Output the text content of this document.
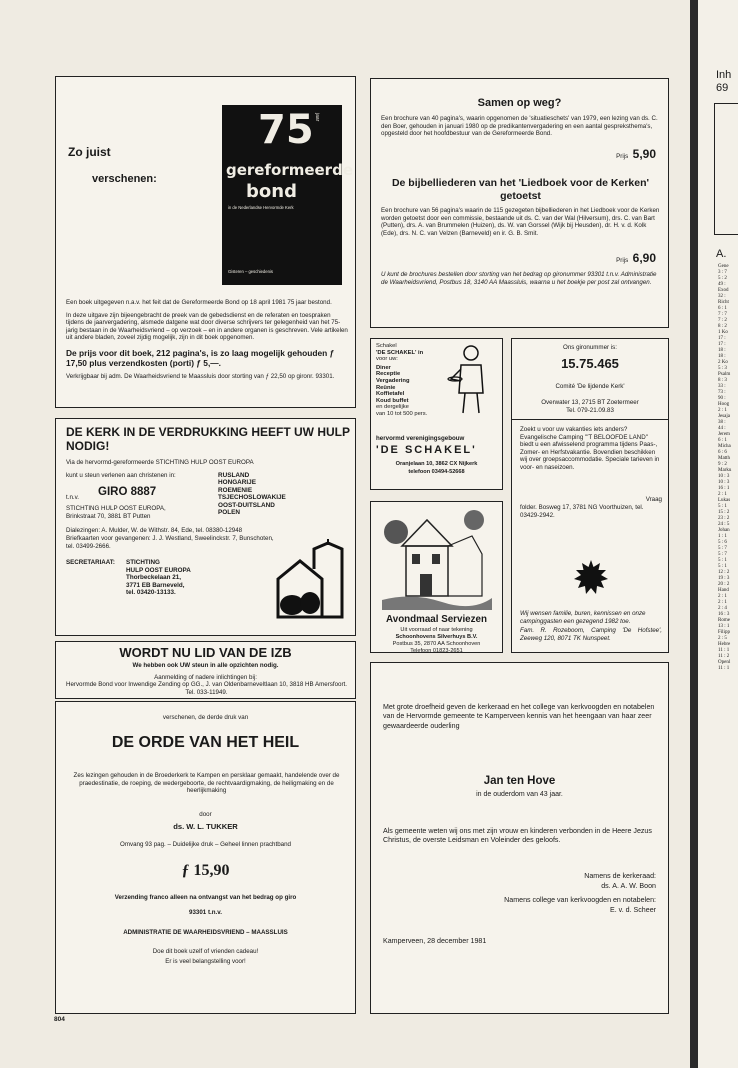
Zo juist
verschenen:
75 jaar
gereformeerde
bond
in de Nederlandse Hervormde Kerk
Gisteren – geschiedenis

Een boek uitgegeven n.a.v. het feit dat de Gereformeerde Bond op 18 april 1981 75 jaar bestond.

In deze uitgave zijn bijeengebracht de preek van de gebedsdienst en de referaten en toespraken tijdens de jaarvergadering, alsmede datgene wat door diverse schrijvers ter gelegenheid van het 75-jarig bestaan in de Waarheidsvriend – op verzoek – en in andere organen is geschreven. Vele artikelen uit andere bladen, zoveel zijdig mogelijk, zijn in dit boek opgenomen.

De prijs voor dit boek, 212 pagina's, is zo laag mogelijk gehouden ƒ 17,50 plus verzendkosten (porti) ƒ 5,—.

Verkrijgbaar bij adm. De Waarheidsvriend te Maassluis door storting van ƒ 22,50 op gironr. 93301.

DE KERK IN DE VERDRUKKING HEEFT UW HULP NODIG!
Via de hervormd-gereformeerde STICHTING HULP OOST EUROPA
kunt u steun verlenen aan christenen in:	RUSLAND
HONGARIJE
ROEMENIE
TSJECHOSLOWAKIJE
OOST-DUITSLAND
POLEN
t.n.v. GIRO 8887
STICHTING HULP OOST EUROPA,
Brinkstraat 70, 3881 BT Putten
Dialezingen: A. Mulder, W. de Withstr. 84, Ede, tel. 08380-12948
Briefkaarten voor gevangenen: J. J. Westland, Sweelinckstr. 7, Bunschoten, tel. 03499-2666.
SECRETARIAAT: STICHTING
HULP OOST EUROPA
Thorbeckelaan 21,
3771 EB Barneveld,
tel. 03420-13133.
WORDT NU LID VAN DE IZB
We hebben ook UW steun in alle opzichten nodig.
Aanmelding of nadere inlichtingen bij:
Hervormde Bond voor Inwendige Zending op GG., J. van Oldenbarneveltlaan 10, 3818 HB Amersfoort. Tel. 033-11949.
verschenen, de derde druk van
DE ORDE VAN HET HEIL
Zes lezingen gehouden in de Broederkerk te Kampen en persklaar gemaakt, handelende over de praedestinatie, de roeping, de wedergeboorte, de rechtvaardigmaking, de heiligmaking en de heerlijkmaking
door
ds. W. L. TUKKER
Omvang 93 pag. – Duidelijke druk – Geheel linnen prachtband
ƒ 15,90
Verzending franco alleen na ontvangst van het bedrag op giro
93301 t.n.v.
ADMINISTRATIE DE WAARHEIDSVRIEND – MAASSLUIS
Doe dit boek uzelf of vrienden cadeau!
Er is veel belangstelling voor!
Samen op weg?
Een brochure van 40 pagina's, waarin opgenomen de 'situatieschets' van 1979, een lezing van ds. C. den Boer, gehouden in januari 1980 op de predikantenvergadering en een aantal gespreksthema's, opgesteld door het hoofdbestuur van de Gereformeerde Bond.
Prijs 5,90
De bijbelliederen van het 'Liedboek voor de Kerken' getoetst
Een brochure van 56 pagina's waarin de 115 gezegeten bijbelliederen in het Liedboek voor de Kerken worden getoetst door een commissie, bestaande uit ds. C. van der Wal (Hilversum), drs. C. van Bart (Putten), drs. A. van Brummelen (Huizen), ds. W. van Gorssel (Wijk bij Heusden), dr. H. v. d. Kolk (Ede), drs. N. C. van Velzen (Barneveld) en ir. G. B. Smit.
Prijs 6,90
U kunt de brochures bestellen door storting van het bedrag op gironummer 93301 t.n.v. Administratie de Waarheidsvriend, Postbus 18, 3140 AA Maassluis, waarna u het boekje per post zal ontvangen.
Schakel
'DE SCHAKEL' in
voor uw:
Diner
Receptie
Vergadering
Reünie
Koffietafel
Koud buffet
en dergelijke
van 10 tot 500 pers.
hervormd verenigingsgebouw
'DE SCHAKEL'
Oranjelaan 10, 3862 CX Nijkerk
telefoon 03494-52668
Avondmaal Serviezen
Uit voorraad of naar tekening
Schoonhovens Silverhuys B.V.
Postbus 35, 2870 AA Schoonhoven
Telefoon 01823-2651
Ons gironummer is:
15.75.465
Comité 'De lijdende Kerk'
Overwater 13, 2715 BT Zoetermeer
Tel. 079-21.09.83
Zoekt u voor uw vakanties iets anders? Evangelische Camping "'T BELOOFDE LAND" biedt u een afwisselend programma tijdens Paas-, Zomer- en Herfstvakantie. Bovendien beschikken wij over groepsaccommodatie. Speciale tarieven in voor- en naseizoen.
Vraag
folder. Bosweg 17, 3781 NG Voorthuizen, tel. 03429-2942.
Wij wensen familie, buren, kennissen en onze campinggasten een gezegend 1982 toe.
Fam. R. Rozeboom, Camping 'De Hofstee', Zeeweg 120, 8071 TK Nunspeet.
Met grote droefheid geven de kerkeraad en het college van kerkvoogden en notabelen van de Hervormde gemeente te Kamperveen kennis van het heengaan van haar zeer gewaardeerde ouderling
Jan ten Hove
in de ouderdom van 43 jaar.
Als gemeente weten wij ons met zijn vrouw en kinderen verbonden in de Heere Jezus Christus, de overste Leidsman en Voleinder des geloofs.
Namens de kerkeraad:
ds. A. A. W. Boon
Namens college van kerkvoogden en notabelen:
E. v. d. Scheer
Kamperveen, 28 december 1981
804
Inh
69
A.
Gene
3 : 7
5 : 2
49 :
Exod
32 :
Richt
6 : 1
7 : 7
7 : 2
8 : 2
1 Ko
17 :
17 :
18 :
18 :
2 Ko
5 : 3
Psalm
8 : 3
33 :
73 :
90 :
Hoog
2 : 1
Jesaja
38 :
44 :
Jerem
6 : 1
Micha
6 : 6
Matth
9 : 2
Marku
10 : 3
10 : 3
16 : 1
2 : 1
Lukas
5 : 1
15 : 2
23 : 2
24 : 5
Johan
1 : 1
5 : 6
5 : 7
5 : 7
5 : 1
5 : 1
12 : 2
19 : 3
20 : 2
Hand
2 : 1
2 : 1
2 : 4
16 : 3
Rome
13 : 1
Filipp
2 : 5
Hebre
11 : 1
11 : 2
Openl
11 : 1
